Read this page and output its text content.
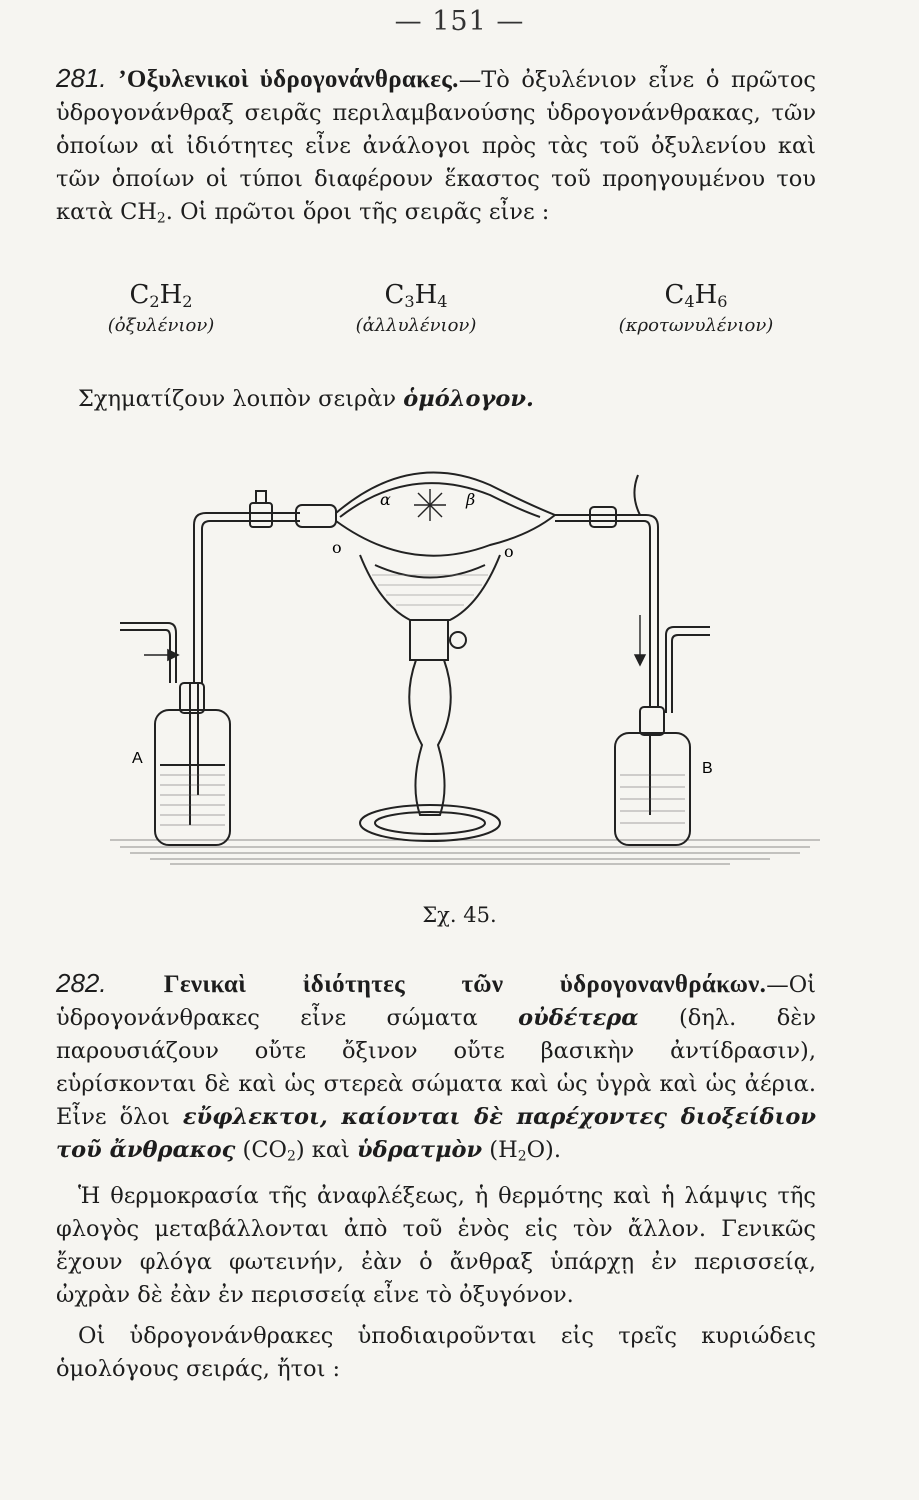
— 151 —

281. ’Οξυλενικοὶ ὑδρογονάνθρακες.—Τὸ ὀξυλένιον εἶνε ὁ πρῶτος ὑδρογονάνθραξ σειρᾶς περιλαμβανούσης ὑδρογονάνθρακας, τῶν ὁποίων αἱ ἰδιότητες εἶνε ἀνάλογοι πρὸς τὰς τοῦ ὀξυλενίου καὶ τῶν ὁποίων οἱ τύποι διαφέρουν ἕκαστος τοῦ προηγουμένου του κατὰ $CH_2$. Οἱ πρῶτοι ὅροι τῆς σειρᾶς εἶνε :

$C_2H_2$
(ὀξυλένιον)
$C_3H_4$
(ἀλλυλένιον)
$C_4H_6$
(κροτωνυλένιον)

Σχηματίζουν λοιπὸν σειρὰν ὁμόλογον.

A
B
α	β
o	o
Σχ. 45.

282. Γενικαὶ ἰδιότητες τῶν ὑδρογονανθράκων.—Οἱ ὑδρογονάνθρακες εἶνε σώματα οὐδέτερα (δηλ. δὲν παρουσιάζουν οὔτε ὄξινον οὔτε βασικὴν ἀντίδρασιν), εὑρίσκονται δὲ καὶ ὡς στερεὰ σώματα καὶ ὡς ὑγρὰ καὶ ὡς ἀέρια. Εἶνε ὅλοι εὔφλεκτοι, καίονται δὲ παρέχοντες διοξείδιον τοῦ ἄνθρακος $(CO_2)$ καὶ ὑδρατμὸν $(H_2O)$.

Ἡ θερμοκρασία τῆς ἀναφλέξεως, ἡ θερμότης καὶ ἡ λάμψις τῆς φλογὸς μεταβάλλονται ἀπὸ τοῦ ἑνὸς εἰς τὸν ἄλλον. Γενικῶς ἔχουν φλόγα φωτεινήν, ἐὰν ὁ ἄνθραξ ὑπάρχῃ ἐν περισσείᾳ, ὠχρὰν δὲ ἐὰν ἐν περισσείᾳ εἶνε τὸ ὀξυγόνον.

Οἱ ὑδρογονάνθρακες ὑποδιαιροῦνται εἰς τρεῖς κυριώδεις ὁμολόγους σειράς, ἤτοι :
